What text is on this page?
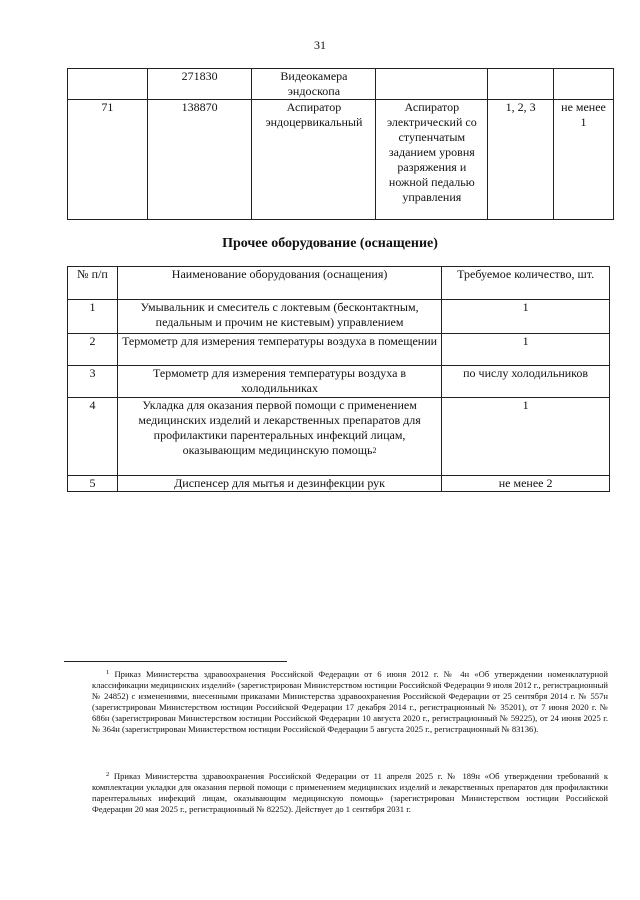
31
	271830	Видеокамера эндоскопа			
71	138870	Аспиратор эндоцервикальный	Аспиратор электрический со ступенчатым заданием уровня разряжения и ножной педалью управления	1, 2, 3	не менее 1
Прочее оборудование (оснащение)
№ п/п	Наименование оборудования (оснащения)	Требуемое количество, шт.
1	Умывальник и смеситель с локтевым (бесконтактным, педальным и прочим не кистевым) управлением	1
2	Термометр для измерения температуры воздуха в помещении	1
3	Термометр для измерения температуры воздуха в холодильниках	по числу холодильников
4	Укладка для оказания первой помощи с применением медицинских изделий и лекарственных препаратов для профилактики парентеральных инфекций лицам, оказывающим медицинскую помощь$^2$	1
5	Диспенсер для мытья и дезинфекции рук	не менее 2
$^1$ Приказ Министерства здравоохранения Российской Федерации от 6 июня 2012 г. № 4н «Об утверждении номенклатурной классификации медицинских изделий» (зарегистрирован Министерством юстиции Российской Федерации 9 июля 2012 г., регистрационный № 24852) с изменениями, внесенными приказами Министерства здравоохранения Российской Федерации от 25 сентября 2014 г. № 557н (зарегистрирован Министерством юстиции Российской Федерации 17 декабря 2014 г., регистрационный № 35201), от 7 июня 2020 г. № 686н (зарегистрирован Министерством юстиции Российской Федерации 10 августа 2020 г., регистрационный № 59225), от 24 июня 2025 г. № 364н (зарегистрирован Министерством юстиции Российской Федерации 5 августа 2025 г., регистрационный № 83136).
$^2$ Приказ Министерства здравоохранения Российской Федерации от 11 апреля 2025 г. № 189н «Об утверждении требований к комплектации укладки для оказания первой помощи с применением медицинских изделий и лекарственных препаратов для профилактики парентеральных инфекций лицам, оказывающим медицинскую помощь» (зарегистрирован Министерством юстиции Российской Федерации 20 мая 2025 г., регистрационный № 82252). Действует до 1 сентября 2031 г.
